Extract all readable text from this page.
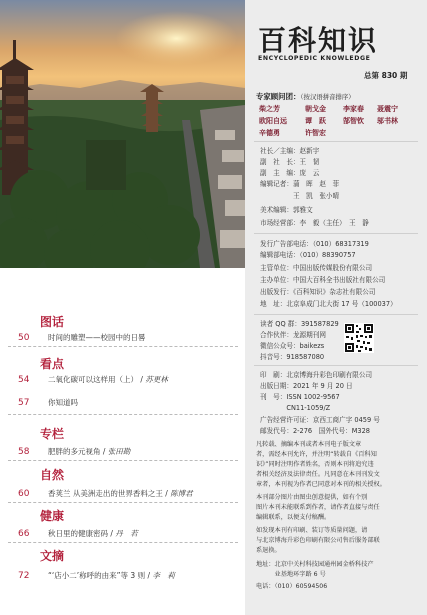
图话
50 时间的雕塑——校园中的日晷
看点
54 二氧化碳可以这样用（上） / 苏更林
57 你知道吗
专栏
58 肥胖的多元视角 / 张田勘
自然
60 香荚兰 从美洲走出的世界香料之王 / 陈博君
健康
66 秋日里的健康密码 / 丹　若
文摘
72 “‘店小二’称呼的由来”等 3 则 / 李　莉
百科知识
ENCYCLOPEDIC KNOWLEDGE
总第 830 期
专家顾问团：（按汉语拼音排序）
柴之芳	朝戈金 李家春 聂震宁
欧阳自远	谭　跃 郜智钦 邬书林
辛德勇	许智宏
社长／主编：赵新宇
副　社　长：王　韧
副　主　编：庞　云
编辑记者：蒲　晖　赵　菲
　　　　　王　凯　张小晴
美术编辑：郭雅文
市场经营部：李　毅（主任）　王　静
发行广告部电话：（010）68317319
编辑部电话：（010）88390757
主管单位：中国出版传媒股份有限公司
主办单位：中国大百科全书出版社有限公司
出版发行：《百科知识》杂志社有限公司
地　址：北京阜成门北大街 17 号（100037）
读者 QQ 群：391587829
合作伙伴：龙源期刊网
微信公众号：baikezs
抖音号：918587080
印　刷：北京博海升彩色印刷有限公司
出版日期：2021 年 9 月 20 日
刊　号：ISSN 1002-9567
　　　　CN11-1059/Z
广告经营许可证：京西工商广字 0459 号
邮发代号：2-276　国外代号：M328
凡转载、摘编本刊或者本刊电子版文章
者，需经本刊允许，并注明“转载自《百科知
识》”同时注明作者姓名，否则本刊将追究违
者相关经济及法律责任。凡同意在本刊刊发文
章者，本刊视为作者已同意对本刊的相关授权。
本刊部分图片由图虫创意提供，如有个别
图片本刊未能联系到作者，请作者直接与责任
编辑联系，以便支付稿酬。
如发现本刊有印刷、装订等质量问题，请
与北京博海升彩色印刷有限公司售后服务部联
系退换。
地址：北京中关村科技园通州园金桥科技产
　　　业基地环字路 6 号
电话：（010）60594506
